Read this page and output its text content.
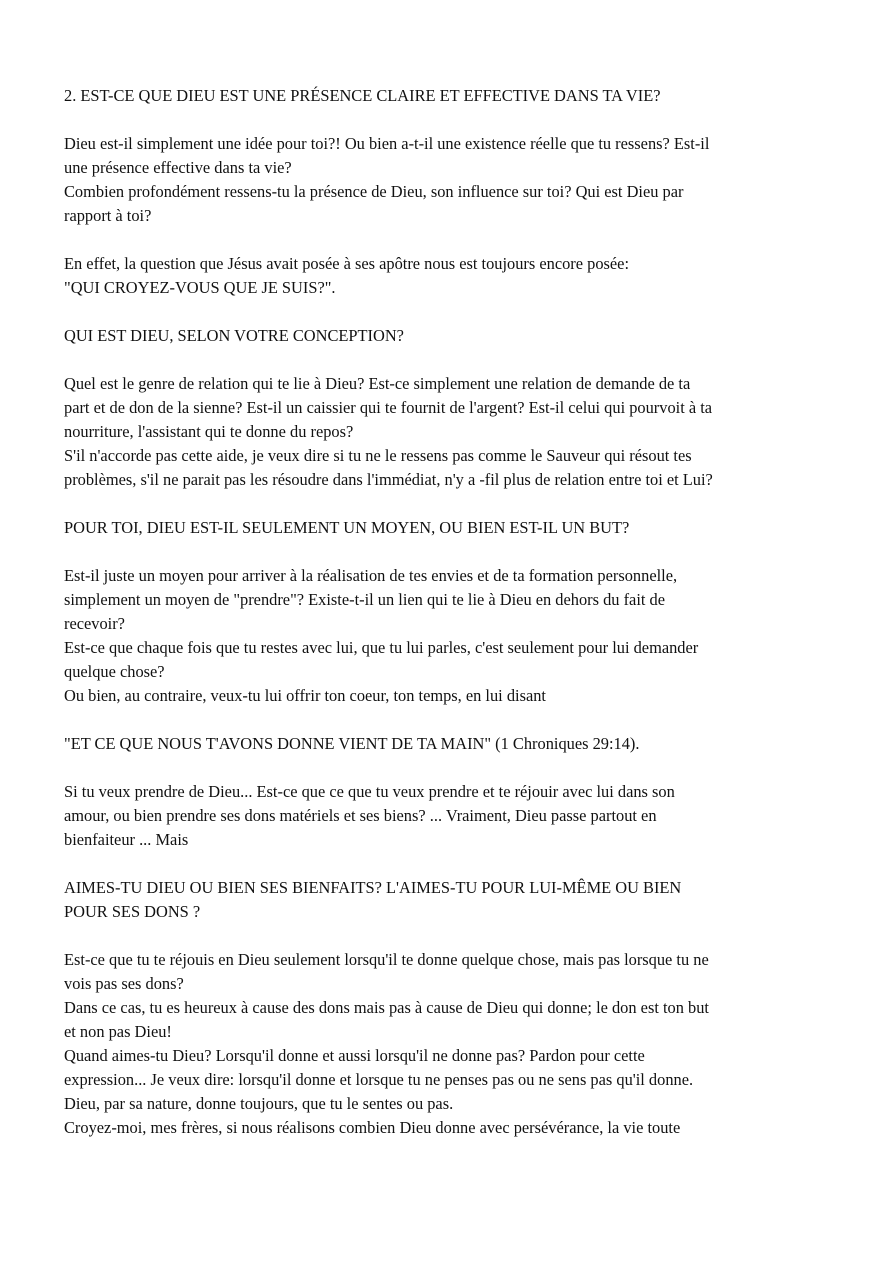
2. EST-CE QUE DIEU EST UNE PRÉSENCE CLAIRE ET EFFECTIVE DANS TA VIE?
Dieu est-il simplement une idée pour toi?! Ou bien a-t-il une existence réelle que tu ressens? Est-il
une présence effective dans ta vie?
Combien profondément ressens-tu la présence de Dieu, son influence sur toi? Qui est Dieu par
rapport à toi?
En effet, la question que Jésus avait posée à ses apôtre nous est toujours encore posée:
"QUI CROYEZ-VOUS QUE JE SUIS?".
QUI EST DIEU, SELON VOTRE CONCEPTION?
Quel est le genre de relation qui te lie à Dieu? Est-ce simplement une relation de demande de ta
part et de don de la sienne? Est-il un caissier qui te fournit de l'argent? Est-il celui qui pourvoit à ta
nourriture, l'assistant qui te donne du repos?
S'il n'accorde pas cette aide, je veux dire si tu ne le ressens pas comme le Sauveur qui résout tes
problèmes, s'il ne parait pas les résoudre dans l'immédiat, n'y a -fil plus de relation entre toi et Lui?
POUR TOI, DIEU EST-IL SEULEMENT UN MOYEN, OU BIEN EST-IL UN BUT?
Est-il juste un moyen pour arriver à la réalisation de tes envies et de ta formation personnelle,
simplement un moyen de "prendre"? Existe-t-il un lien qui te lie à Dieu en dehors du fait de
recevoir?
Est-ce que chaque fois que tu restes avec lui, que tu lui parles, c'est seulement pour lui demander
quelque chose?
Ou bien, au contraire, veux-tu lui offrir ton coeur, ton temps, en lui disant
"ET CE QUE NOUS T'AVONS DONNE VIENT DE TA MAIN" (1 Chroniques 29:14).
Si tu veux prendre de Dieu... Est-ce que ce que tu veux prendre et te réjouir avec lui dans son
amour, ou bien prendre ses dons matériels et ses biens? ... Vraiment, Dieu passe partout en
bienfaiteur ... Mais
AIMES-TU DIEU OU BIEN SES BIENFAITS? L'AIMES-TU POUR LUI-MÊME OU BIEN
POUR SES DONS ?
Est-ce que tu te réjouis en Dieu seulement lorsqu'il te donne quelque chose, mais pas lorsque tu ne
vois pas ses dons?
Dans ce cas, tu es heureux à cause des dons mais pas à cause de Dieu qui donne; le don est ton but
et non pas Dieu!
Quand aimes-tu Dieu? Lorsqu'il donne et aussi lorsqu'il ne donne pas? Pardon pour cette
expression... Je veux dire: lorsqu'il donne et lorsque tu ne penses pas ou ne sens pas qu'il donne.
Dieu, par sa nature, donne toujours, que tu le sentes ou pas.
Croyez-moi, mes frères, si nous réalisons combien Dieu donne avec persévérance, la vie toute
